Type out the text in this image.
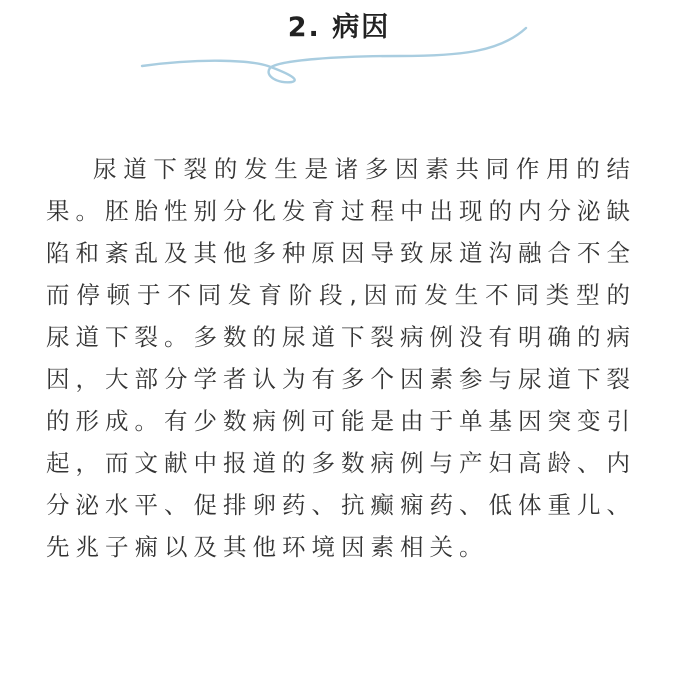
2. 病因

尿道下裂的发生是诸多因素共同作用的结果。胚胎性别分化发育过程中出现的内分泌缺陷和紊乱及其他多种原因导致尿道沟融合不全而停顿于不同发育阶段,因而发生不同类型的尿道下裂。多数的尿道下裂病例没有明确的病因，大部分学者认为有多个因素参与尿道下裂的形成。有少数病例可能是由于单基因突变引起，而文献中报道的多数病例与产妇高龄、内分泌水平、促排卵药、抗癫痫药、低体重儿、先兆子痫以及其他环境因素相关。
